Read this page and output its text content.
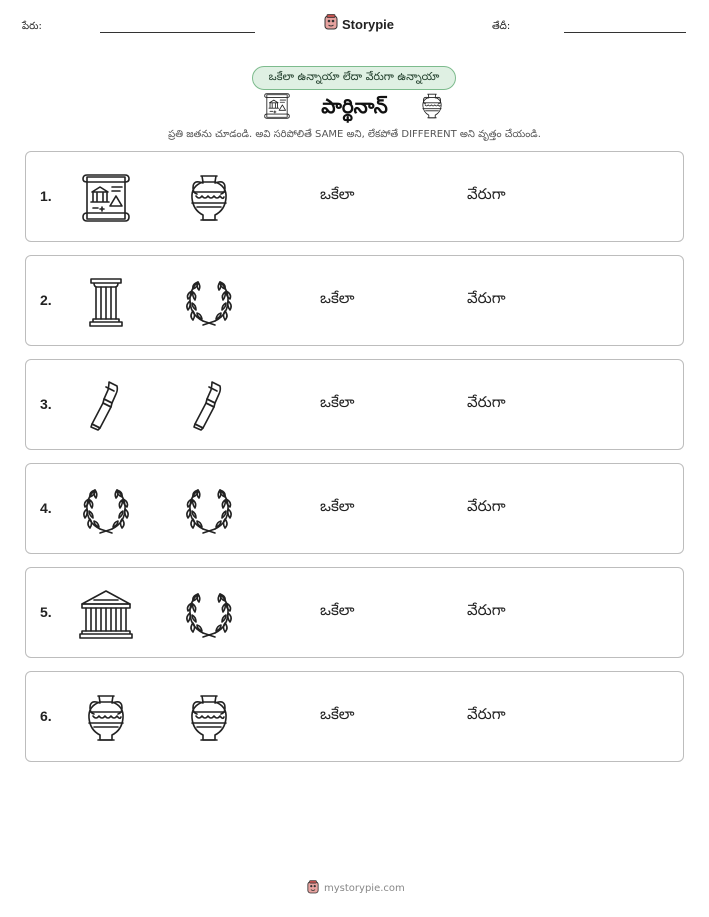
పేరు:	Storypie	తేదీ:
ఒకేలా ఉన్నాయా లేదా వేరుగా ఉన్నాయా
పార్థినాన్
ప్రతి జతను చూడండి. అవి సరిపోలితే SAME అని, లేకపోతే DIFFERENT అని వృత్తం చేయండి.
1.	ఒకేలా	వేరుగా
2.	ఒకేలా	వేరుగా
3.	ఒకేలా	వేరుగా
4.	ఒకేలా	వేరుగా
5.	ఒకేలా	వేరుగా
6.	ఒకేలా	వేరుగా
mystorypie.com
